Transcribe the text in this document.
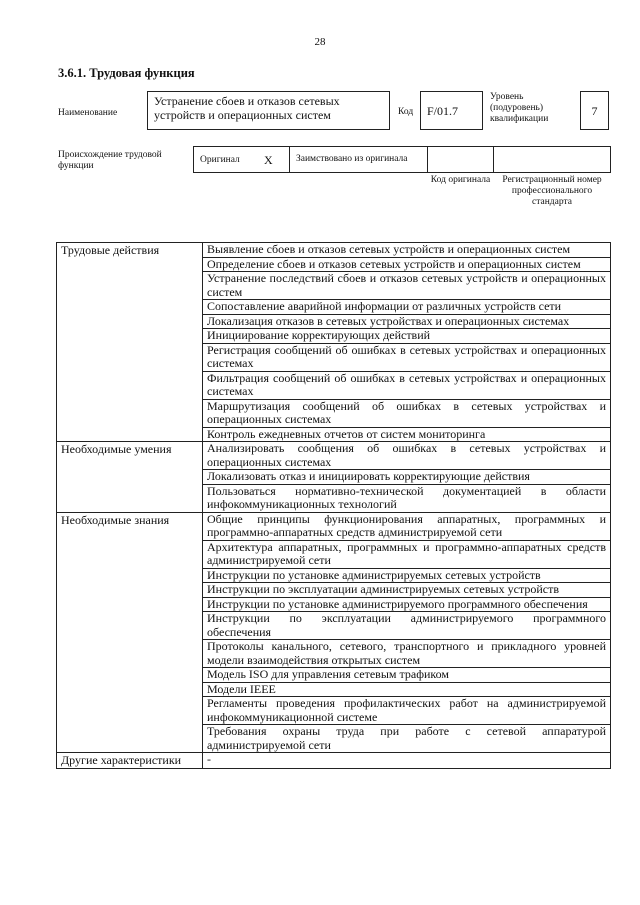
28
3.6.1. Трудовая функция
Наименование
Устранение сбоев и отказов сетевых устройств и операционных систем	Код	F/01.7
Уровень (подуровень) квалификации
7
Происхождение трудовой функции
Оригинал X	Заимствовано из оригинала
Код оригинала	Регистрационный номер профессионального стандарта
Трудовые действия	Выявление сбоев и отказов сетевых устройств и операционных систем
	Определение сбоев и отказов сетевых устройств и операционных систем
	Устранение последствий сбоев и отказов сетевых устройств и операционных систем
	Сопоставление аварийной информации от различных устройств сети
	Локализация отказов в сетевых устройствах и операционных системах
	Инициирование корректирующих действий
	Регистрация сообщений об ошибках в сетевых устройствах и операционных системах
	Фильтрация сообщений об ошибках в сетевых устройствах и операционных системах
	Маршрутизация сообщений об ошибках в сетевых устройствах и операционных системах
	Контроль ежедневных отчетов от систем мониторинга
Необходимые умения	Анализировать сообщения об ошибках в сетевых устройствах и операционных системах
	Локализовать отказ и инициировать корректирующие действия
	Пользоваться нормативно-технической документацией в области инфокоммуникационных технологий
Необходимые знания	Общие принципы функционирования аппаратных, программных и программно-аппаратных средств администрируемой сети
	Архитектура аппаратных, программных и программно-аппаратных средств администрируемой сети
	Инструкции по установке администрируемых сетевых устройств
	Инструкции по эксплуатации администрируемых сетевых устройств
	Инструкции по установке администрируемого программного обеспечения
	Инструкции по эксплуатации администрируемого программного обеспечения
	Протоколы канального, сетевого, транспортного и прикладного уровней модели взаимодействия открытых систем
	Модель ISO для управления сетевым трафиком
	Модели IEEE
	Регламенты проведения профилактических работ на администрируемой инфокоммуникационной системе
	Требования охраны труда при работе с сетевой аппаратурой администрируемой сети
Другие характеристики	-
